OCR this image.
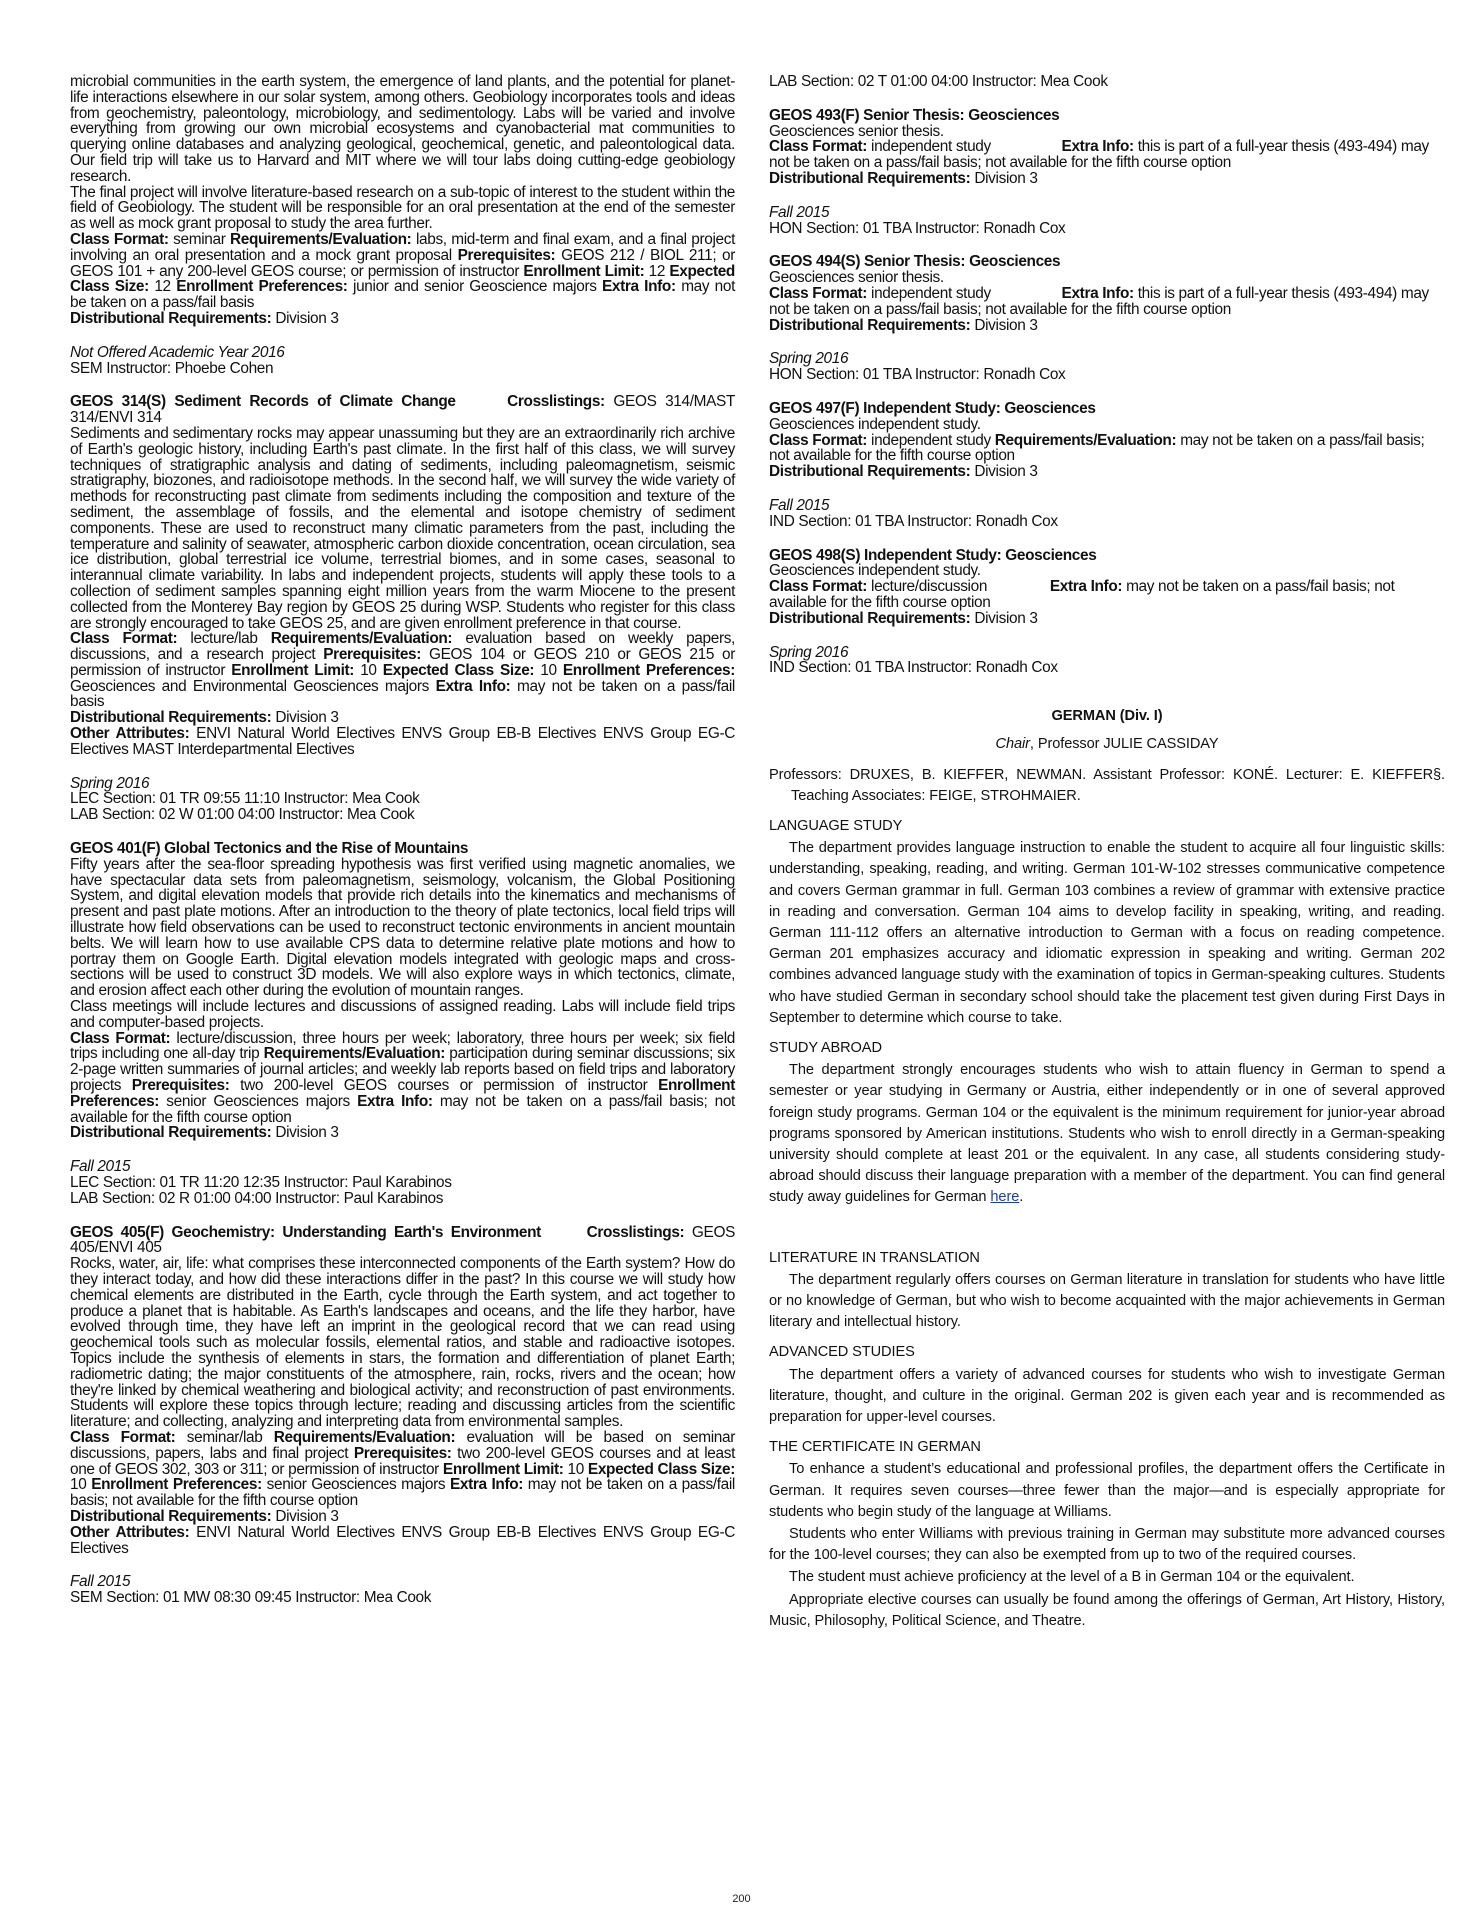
microbial communities in the earth system, the emergence of land plants, and the potential for planet-life interactions elsewhere in our solar system, among others. Geobiology incorporates tools and ideas from geochemistry, paleontology, microbiology, and sedimentology. Labs will be varied and involve everything from growing our own microbial ecosystems and cyanobacterial mat communities to querying online databases and analyzing geological, geochemical, genetic, and paleontological data. Our field trip will take us to Harvard and MIT where we will tour labs doing cutting-edge geobiology research.

The final project will involve literature-based research on a sub-topic of interest to the student within the field of Geobiology. The student will be responsible for an oral presentation at the end of the semester as well as mock grant proposal to study the area further.

Class Format: seminar Requirements/Evaluation: labs, mid-term and final exam, and a final project involving an oral presentation and a mock grant proposal Prerequisites: GEOS 212 / BIOL 211; or GEOS 101 + any 200-level GEOS course; or permission of instructor Enrollment Limit: 12 Expected Class Size: 12 Enrollment Preferences: junior and senior Geoscience majors Extra Info: may not be taken on a pass/fail basis

Distributional Requirements: Division 3

Not Offered Academic Year 2016

SEM Instructor: Phoebe Cohen

GEOS 314(S) Sediment Records of Climate Change	Crosslistings: GEOS 314/MAST 314/ENVI 314

Sediments and sedimentary rocks may appear unassuming but they are an extraordinarily rich archive of Earth's geologic history, including Earth's past climate. In the first half of this class, we will survey techniques of stratigraphic analysis and dating of sediments, including paleomagnetism, seismic stratigraphy, biozones, and radioisotope methods. In the second half, we will survey the wide variety of methods for reconstructing past climate from sediments including the composition and texture of the sediment, the assemblage of fossils, and the elemental and isotope chemistry of sediment components. These are used to reconstruct many climatic parameters from the past, including the temperature and salinity of seawater, atmospheric carbon dioxide concentration, ocean circulation, sea ice distribution, global terrestrial ice volume, terrestrial biomes, and in some cases, seasonal to interannual climate variability. In labs and independent projects, students will apply these tools to a collection of sediment samples spanning eight million years from the warm Miocene to the present collected from the Monterey Bay region by GEOS 25 during WSP. Students who register for this class are strongly encouraged to take GEOS 25, and are given enrollment preference in that course.

Class Format: lecture/lab Requirements/Evaluation: evaluation based on weekly papers, discussions, and a research project Prerequisites: GEOS 104 or GEOS 210 or GEOS 215 or permission of instructor Enrollment Limit: 10 Expected Class Size: 10 Enrollment Preferences: Geosciences and Environmental Geosciences majors Extra Info: may not be taken on a pass/fail basis

Distributional Requirements: Division 3

Other Attributes: ENVI Natural World Electives ENVS Group EB-B Electives ENVS Group EG-C Electives MAST Interdepartmental Electives

Spring 2016

LEC Section: 01 TR 09:55 11:10 Instructor: Mea Cook

LAB Section: 02 W 01:00 04:00 Instructor: Mea Cook

GEOS 401(F) Global Tectonics and the Rise of Mountains

Fifty years after the sea-floor spreading hypothesis was first verified using magnetic anomalies, we have spectacular data sets from paleomagnetism, seismology, volcanism, the Global Positioning System, and digital elevation models that provide rich details into the kinematics and mechanisms of present and past plate motions. After an introduction to the theory of plate tectonics, local field trips will illustrate how field observations can be used to reconstruct tectonic environments in ancient mountain belts. We will learn how to use available CPS data to determine relative plate motions and how to portray them on Google Earth. Digital elevation models integrated with geologic maps and cross-sections will be used to construct 3D models. We will also explore ways in which tectonics, climate, and erosion affect each other during the evolution of mountain ranges.

Class meetings will include lectures and discussions of assigned reading. Labs will include field trips and computer-based projects.

Class Format: lecture/discussion, three hours per week; laboratory, three hours per week; six field trips including one all-day trip Requirements/Evaluation: participation during seminar discussions; six 2-page written summaries of journal articles; and weekly lab reports based on field trips and laboratory projects Prerequisites: two 200-level GEOS courses or permission of instructor Enrollment Preferences: senior Geosciences majors Extra Info: may not be taken on a pass/fail basis; not available for the fifth course option

Distributional Requirements: Division 3

Fall 2015

LEC Section: 01 TR 11:20 12:35 Instructor: Paul Karabinos

LAB Section: 02 R 01:00 04:00 Instructor: Paul Karabinos

GEOS 405(F) Geochemistry: Understanding Earth's Environment	Crosslistings: GEOS 405/ENVI 405

Rocks, water, air, life: what comprises these interconnected components of the Earth system? How do they interact today, and how did these interactions differ in the past? In this course we will study how chemical elements are distributed in the Earth, cycle through the Earth system, and act together to produce a planet that is habitable. As Earth's landscapes and oceans, and the life they harbor, have evolved through time, they have left an imprint in the geological record that we can read using geochemical tools such as molecular fossils, elemental ratios, and stable and radioactive isotopes. Topics include the synthesis of elements in stars, the formation and differentiation of planet Earth; radiometric dating; the major constituents of the atmosphere, rain, rocks, rivers and the ocean; how they're linked by chemical weathering and biological activity; and reconstruction of past environments. Students will explore these topics through lecture; reading and discussing articles from the scientific literature; and collecting, analyzing and interpreting data from environmental samples.

Class Format: seminar/lab Requirements/Evaluation: evaluation will be based on seminar discussions, papers, labs and final project Prerequisites: two 200-level GEOS courses and at least one of GEOS 302, 303 or 311; or permission of instructor Enrollment Limit: 10 Expected Class Size: 10 Enrollment Preferences: senior Geosciences majors Extra Info: may not be taken on a pass/fail basis; not available for the fifth course option

Distributional Requirements: Division 3

Other Attributes: ENVI Natural World Electives ENVS Group EB-B Electives ENVS Group EG-C Electives

Fall 2015

SEM Section: 01 MW 08:30 09:45 Instructor: Mea Cook

LAB Section: 02 T 01:00 04:00 Instructor: Mea Cook

GEOS 493(F) Senior Thesis: Geosciences

Geosciences senior thesis.

Class Format: independent study	Extra Info: this is part of a full-year thesis (493-494) may not be taken on a pass/fail basis; not available for the fifth course option

Distributional Requirements: Division 3

Fall 2015

HON Section: 01 TBA Instructor: Ronadh Cox

GEOS 494(S) Senior Thesis: Geosciences

Geosciences senior thesis.

Class Format: independent study	Extra Info: this is part of a full-year thesis (493-494) may not be taken on a pass/fail basis; not available for the fifth course option

Distributional Requirements: Division 3

Spring 2016

HON Section: 01 TBA Instructor: Ronadh Cox

GEOS 497(F) Independent Study: Geosciences

Geosciences independent study.

Class Format: independent study Requirements/Evaluation: may not be taken on a pass/fail basis; not available for the fifth course option

Distributional Requirements: Division 3

Fall 2015

IND Section: 01 TBA Instructor: Ronadh Cox

GEOS 498(S) Independent Study: Geosciences

Geosciences independent study.

Class Format: lecture/discussion	Extra Info: may not be taken on a pass/fail basis; not available for the fifth course option

Distributional Requirements: Division 3

Spring 2016

IND Section: 01 TBA Instructor: Ronadh Cox

GERMAN (Div. I)
Chair, Professor JULIE CASSIDAY
Professors: DRUXES, B. KIEFFER, NEWMAN. Assistant Professor: KONÉ. Lecturer: E. KIEFFER§. Teaching Associates: FEIGE, STROHMAIER.
LANGUAGE STUDY

The department provides language instruction to enable the student to acquire all four linguistic skills: understanding, speaking, reading, and writing. German 101-W-102 stresses communicative competence and covers German grammar in full. German 103 combines a review of grammar with extensive practice in reading and conversation. German 104 aims to develop facility in speaking, writing, and reading. German 111-112 offers an alternative introduction to German with a focus on reading competence. German 201 emphasizes accuracy and idiomatic expression in speaking and writing. German 202 combines advanced language study with the examination of topics in German-speaking cultures. Students who have studied German in secondary school should take the placement test given during First Days in September to determine which course to take.

STUDY ABROAD

The department strongly encourages students who wish to attain fluency in German to spend a semester or year studying in Germany or Austria, either independently or in one of several approved foreign study programs. German 104 or the equivalent is the minimum requirement for junior-year abroad programs sponsored by American institutions. Students who wish to enroll directly in a German-speaking university should complete at least 201 or the equivalent. In any case, all students considering study-abroad should discuss their language preparation with a member of the department. You can find general study away guidelines for German here.

LITERATURE IN TRANSLATION

The department regularly offers courses on German literature in translation for students who have little or no knowledge of German, but who wish to become acquainted with the major achievements in German literary and intellectual history.

ADVANCED STUDIES

The department offers a variety of advanced courses for students who wish to investigate German literature, thought, and culture in the original. German 202 is given each year and is recommended as preparation for upper-level courses.

THE CERTIFICATE IN GERMAN

To enhance a student’s educational and professional profiles, the department offers the Certificate in German. It requires seven courses—three fewer than the major—and is especially appropriate for students who begin study of the language at Williams.

Students who enter Williams with previous training in German may substitute more advanced courses for the 100-level courses; they can also be exempted from up to two of the required courses.

The student must achieve proficiency at the level of a B in German 104 or the equivalent.

Appropriate elective courses can usually be found among the offerings of German, Art History, History, Music, Philosophy, Political Science, and Theatre.

200
